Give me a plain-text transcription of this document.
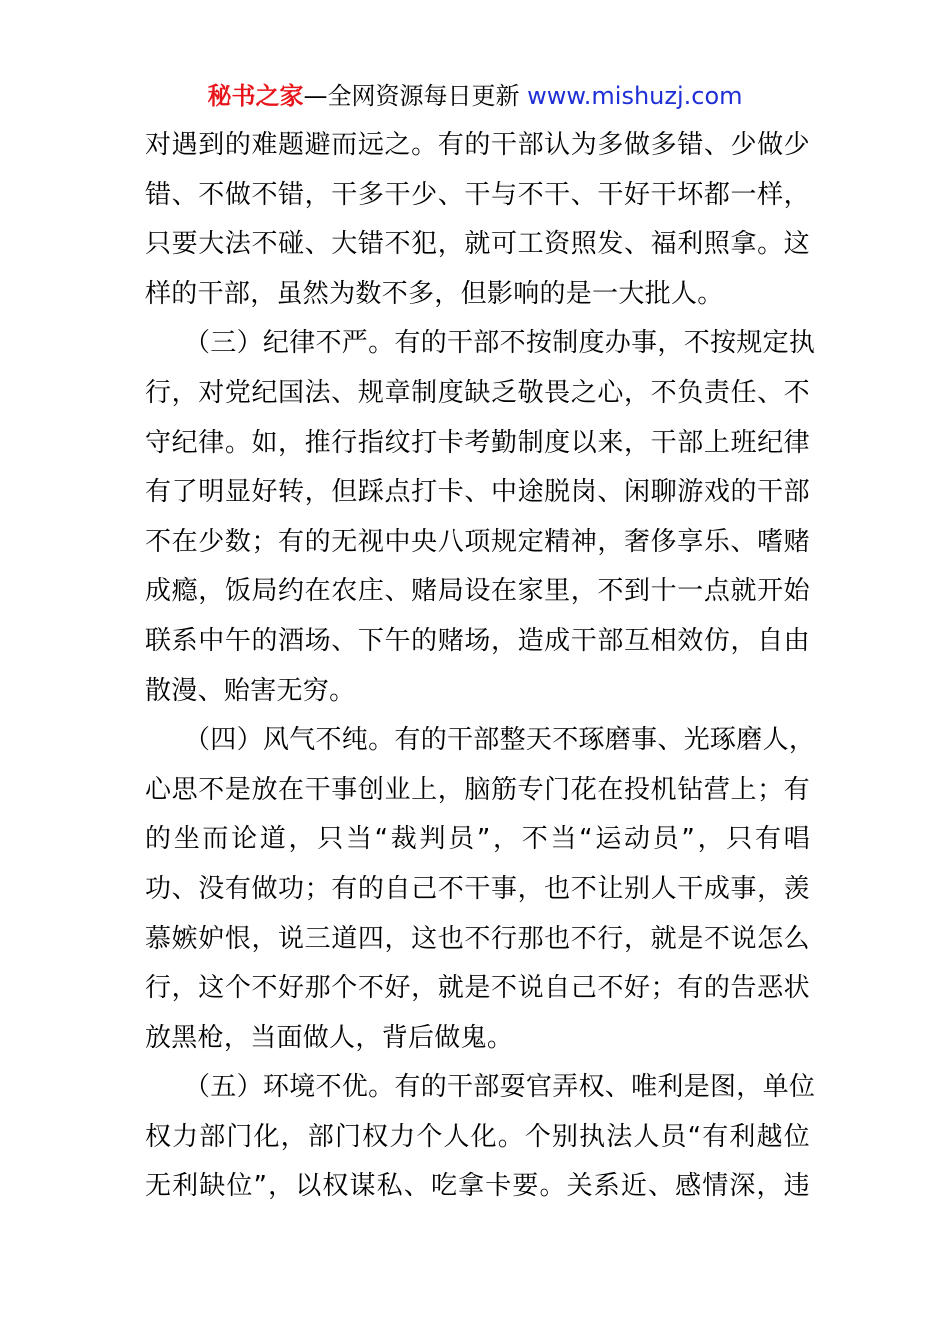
秘书之家—全网资源每日更新 www.mishuzj.com
对遇到的难题避而远之。有的干部认为多做多错、少做少
错、不做不错，干多干少、干与不干、干好干坏都一样，
只要大法不碰、大错不犯，就可工资照发、福利照拿。这
样的干部，虽然为数不多，但影响的是一大批人。
（三）纪律不严。有的干部不按制度办事，不按规定执
行，对党纪国法、规章制度缺乏敬畏之心，不负责任、不
守纪律。如，推行指纹打卡考勤制度以来，干部上班纪律
有了明显好转，但踩点打卡、中途脱岗、闲聊游戏的干部
不在少数；有的无视中央八项规定精神，奢侈享乐、嗜赌
成瘾，饭局约在农庄、赌局设在家里，不到十一点就开始
联系中午的酒场、下午的赌场，造成干部互相效仿，自由
散漫、贻害无穷。
（四）风气不纯。有的干部整天不琢磨事、光琢磨人，
心思不是放在干事创业上，脑筋专门花在投机钻营上；有
的坐而论道，只当“裁判员”，不当“运动员”，只有唱
功、没有做功；有的自己不干事，也不让别人干成事，羡
慕嫉妒恨，说三道四，这也不行那也不行，就是不说怎么
行，这个不好那个不好，就是不说自己不好；有的告恶状
放黑枪，当面做人，背后做鬼。
（五）环境不优。有的干部耍官弄权、唯利是图，单位
权力部门化，部门权力个人化。个别执法人员“有利越位
无利缺位”，以权谋私、吃拿卡要。关系近、感情深，违
